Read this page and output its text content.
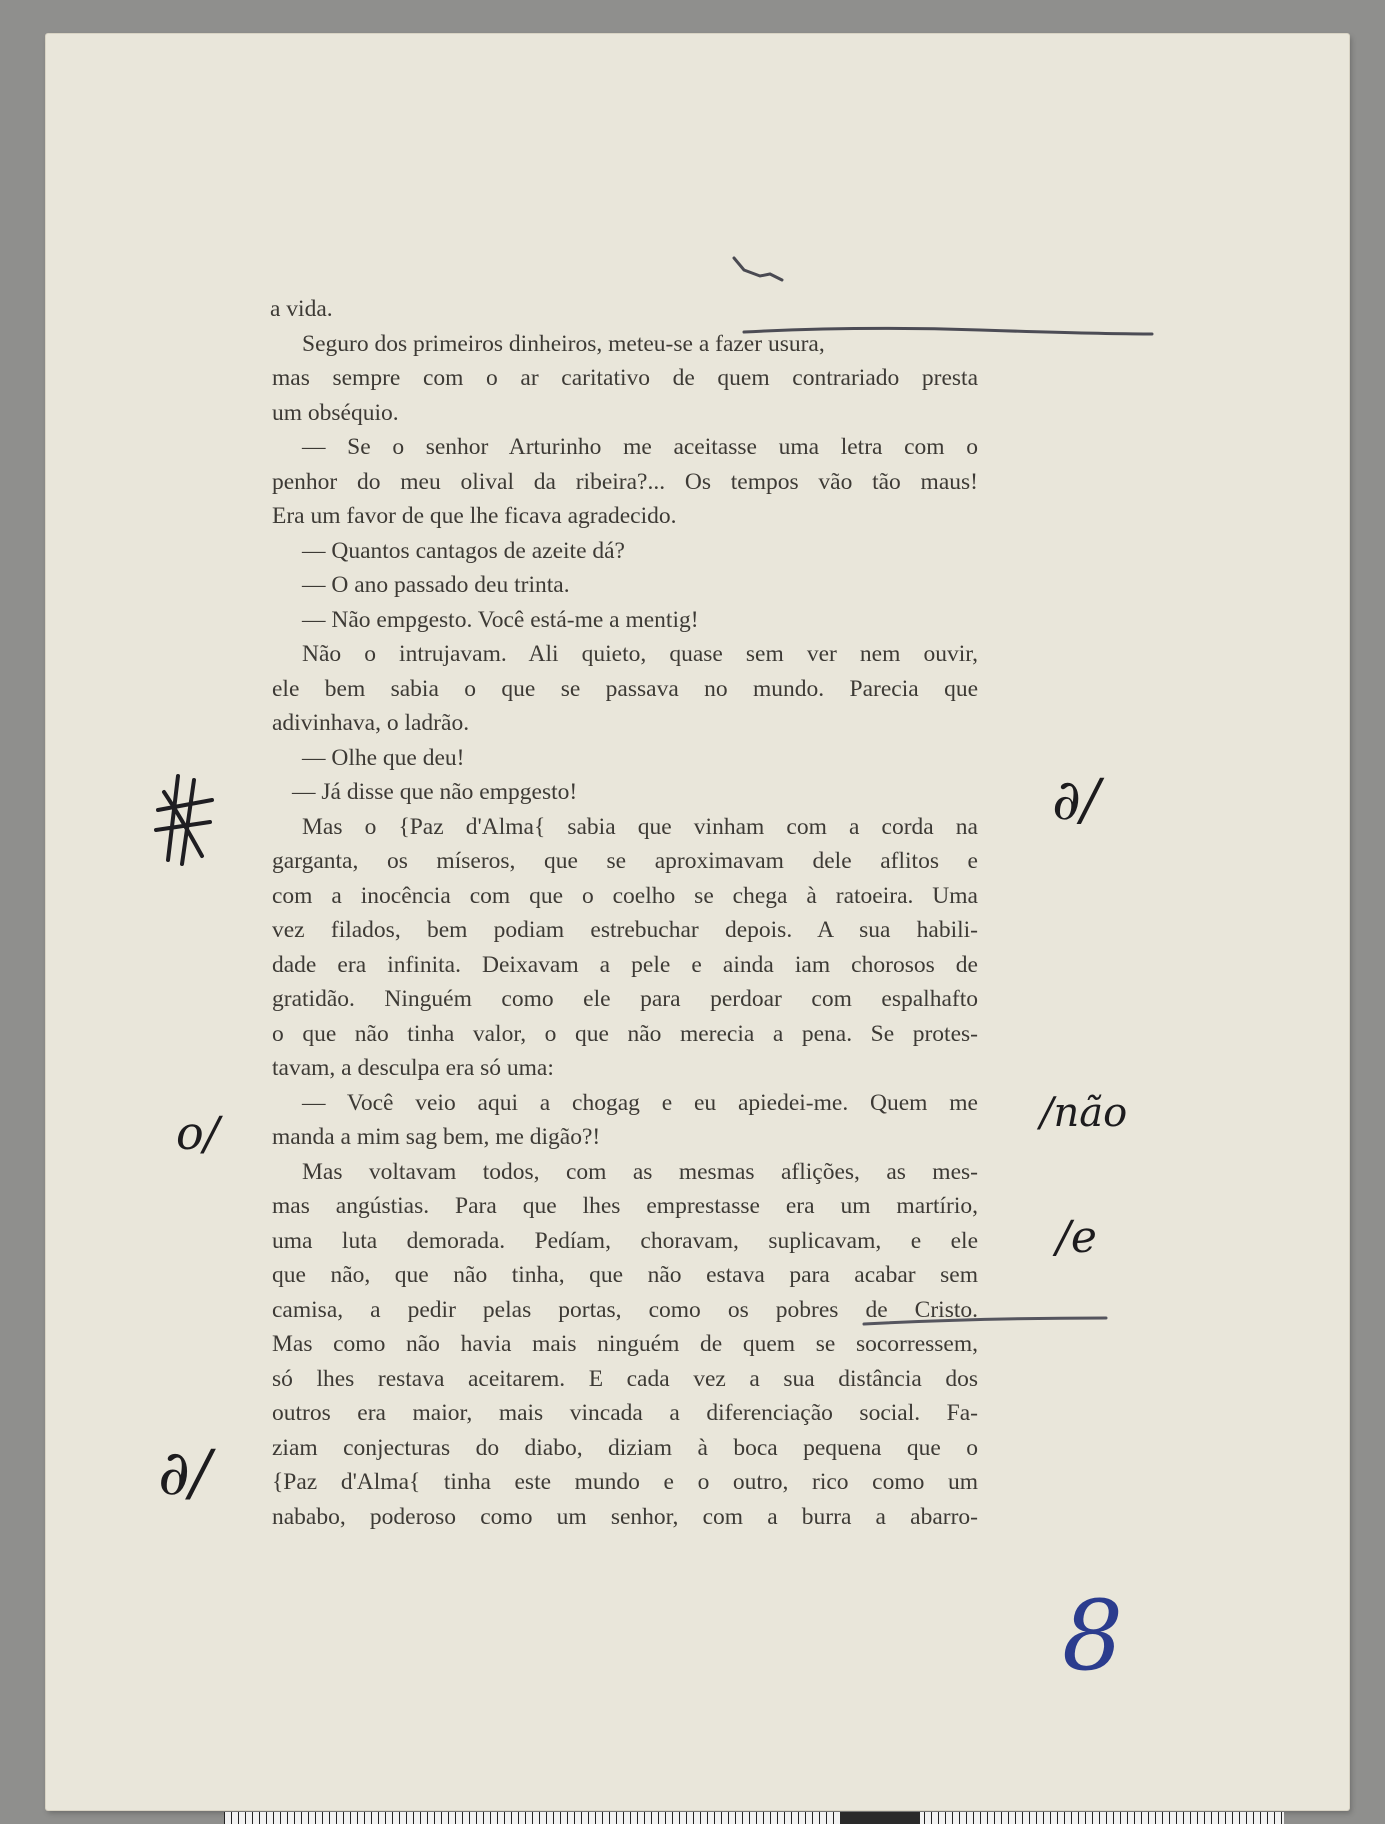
a vida.
Seguro dos primeiros dinheiros, meteu-se a fazer usura,
mas sempre com o ar caritativo de quem contrariado presta
um obséquio.
— Se o senhor Arturinho me aceitasse uma letra com o
penhor do meu olival da ribeira?... Os tempos vão tão maus!
Era um favor de que lhe ficava agradecido.
— Quantos cantagos de azeite dá?
— O ano passado deu trinta.
— Não empgesto. Você está-me a mentig!
Não o intrujavam. Ali quieto, quase sem ver nem ouvir,
ele bem sabia o que se passava no mundo. Parecia que
adivinhava, o ladrão.
— Olhe que deu!
— Já disse que não empgesto!
Mas o {Paz d'Alma{ sabia que vinham com a corda na
garganta, os míseros, que se aproximavam dele aflitos e
com a inocência com que o coelho se chega à ratoeira. Uma
vez filados, bem podiam estrebuchar depois. A sua habili-
dade era infinita. Deixavam a pele e ainda iam chorosos de
gratidão. Ninguém como ele para perdoar com espalhafto
o que não tinha valor, o que não merecia a pena. Se protes-
tavam, a desculpa era só uma:
— Você veio aqui a chogag e eu apiedei-me. Quem me
manda a mim sag bem, me digão?!
Mas voltavam todos, com as mesmas aflições, as mes-
mas angústias. Para que lhes emprestasse era um martírio,
uma luta demorada. Pedíam, choravam, suplicavam, e ele
que não, que não tinha, que não estava para acabar sem
camisa, a pedir pelas portas, como os pobres de Cristo.
Mas como não havia mais ninguém de quem se socorressem,
só lhes restava aceitarem. E cada vez a sua distância dos
outros era maior, mais vincada a diferenciação social. Fa-
ziam conjecturas do diabo, diziam à boca pequena que o
{Paz d'Alma{ tinha este mundo e o outro, rico como um
nababo, poderoso como um senhor, com a burra a abarro-
∂/
o/	/não
/e
∂/
8
